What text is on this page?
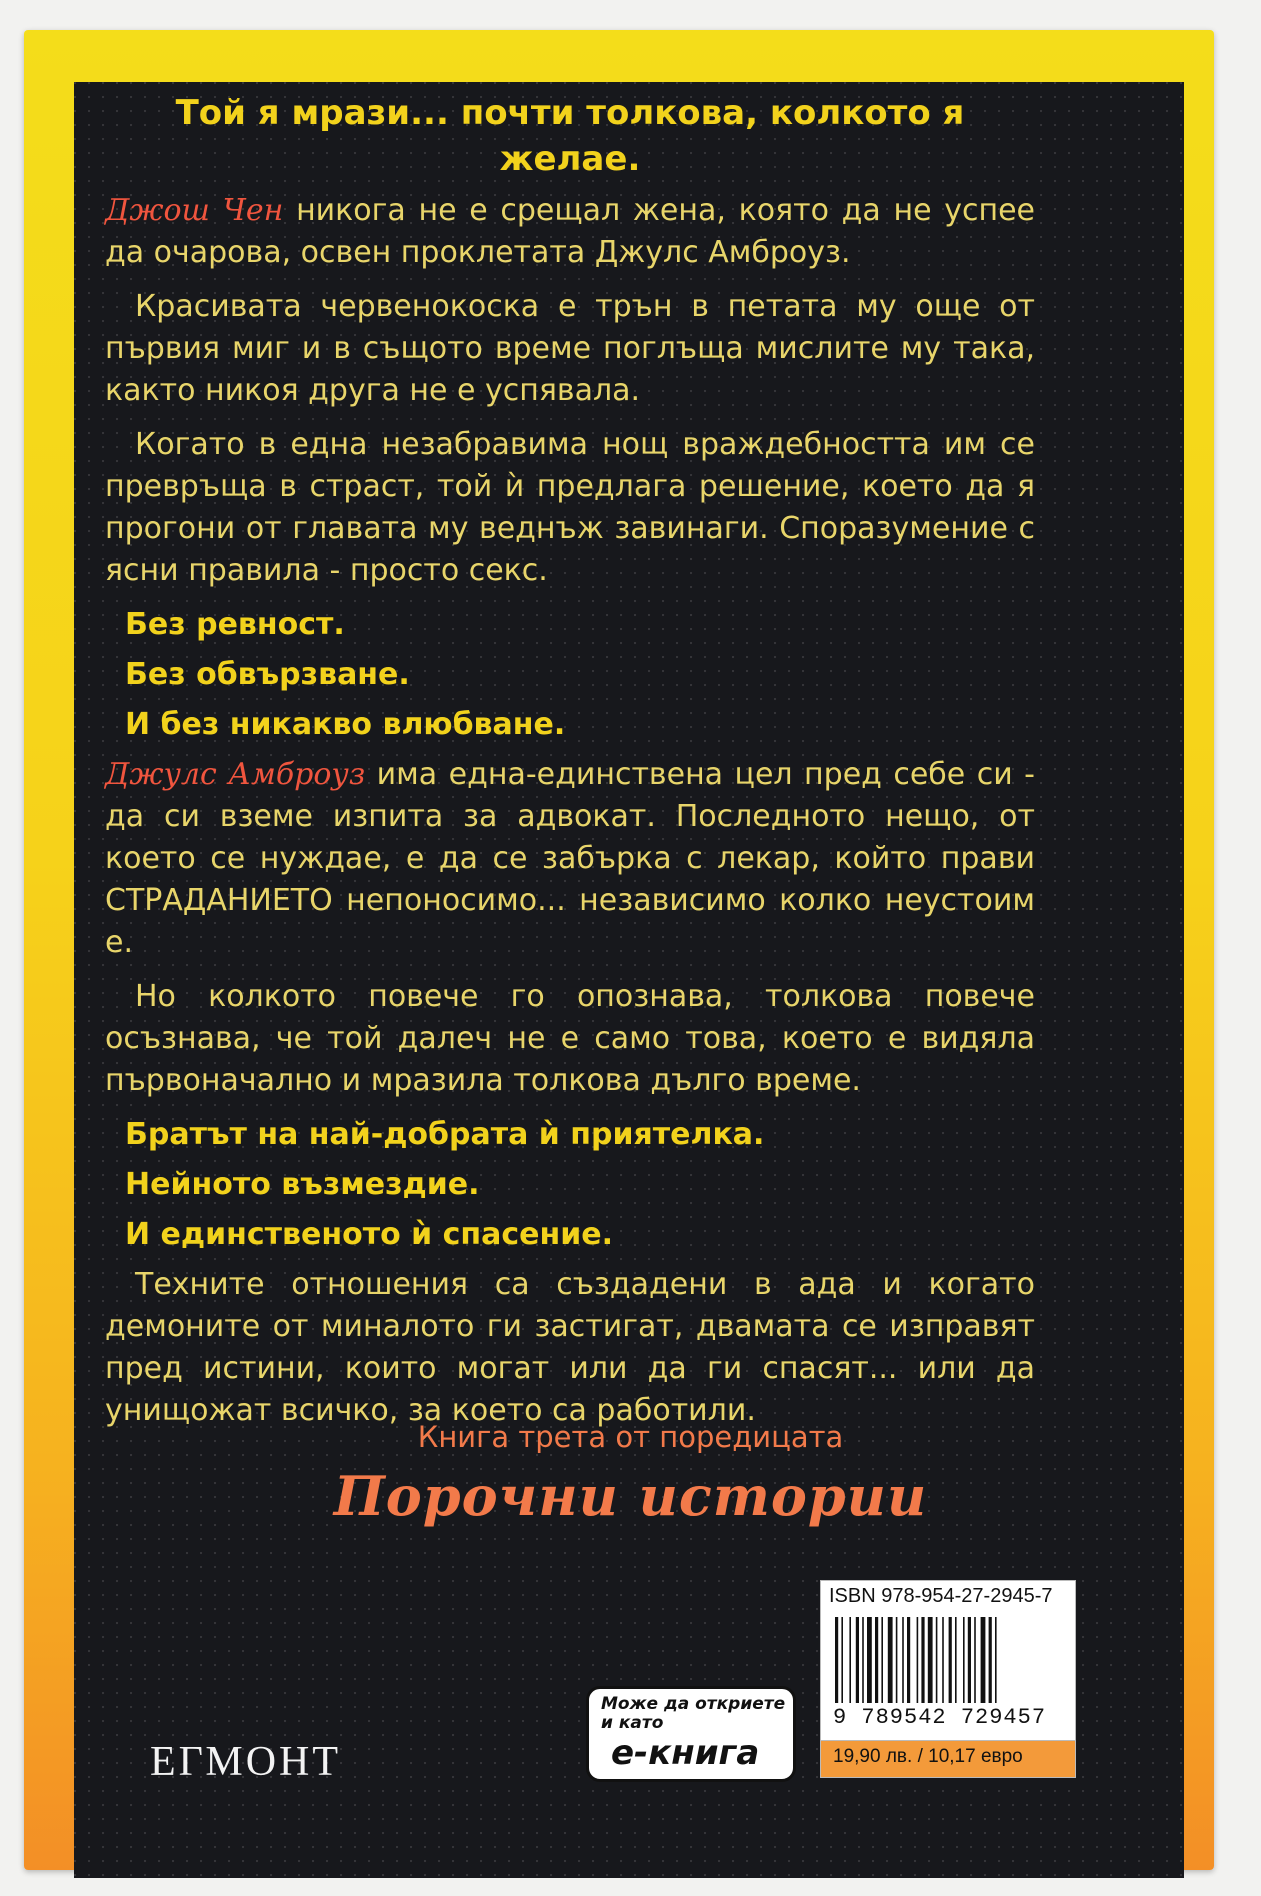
Той я мрази... почти толкова, колкото я желае.

Джош Чен никога не е срещал жена, която да не успее да очарова, освен проклетата Джулс Амброуз.

Красивата червенокоска е трън в петата му още от първия миг и в същото време поглъща мислите му така, както никоя друга не е успявала.

Когато в една незабравима нощ враждебността им се превръща в страст, той ѝ предлага решение, което да я прогони от главата му веднъж завинаги. Споразумение с ясни правила - просто секс.

Без ревност.

Без обвързване.

И без никакво влюбване.

Джулс Амброуз има една-единствена цел пред себе си - да си вземе изпита за адвокат. Последното нещо, от което се нуждае, е да се забърка с лекар, който прави СТРАДАНИЕТО непоносимо... независимо колко неустоим е.

Но колкото повече го опознава, толкова повече осъзнава, че той далеч не е само това, което е видяла първоначално и мразила толкова дълго време.

Братът на най-добрата ѝ приятелка.

Нейното възмездие.

И единственото ѝ спасение.

Техните отношения са създадени в ада и когато демоните от миналото ги застигат, двамата се изправят пред истини, които могат или да ги спасят... или да унищожат всичко, за което са работили.

Книга трета от поредицата
Порочни истории
ЕГМОНТ
Може да откриете и като
е-книга
ISBN 978-954-27-2945-7
9 789542 729457
19,90 лв. / 10,17 евро
